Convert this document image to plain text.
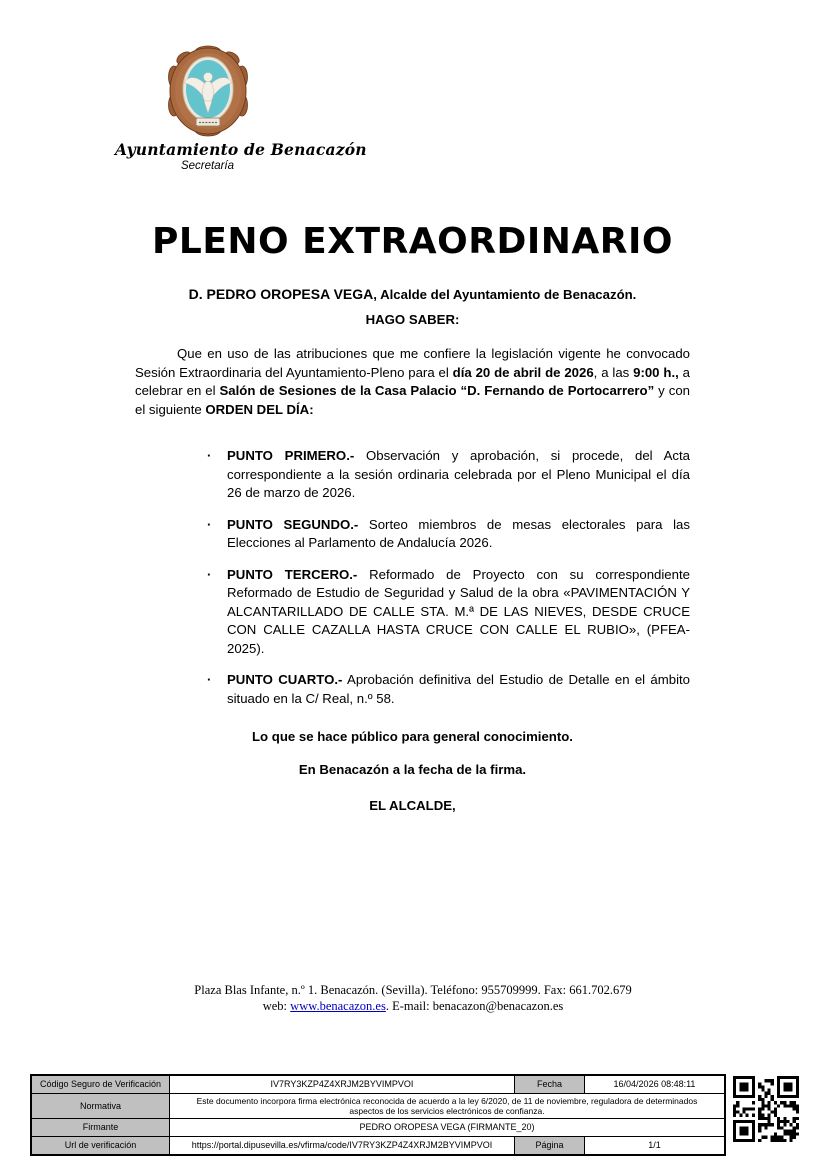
Ayuntamiento de Benacazón
Secretaría
PLENO EXTRAORDINARIO
D. PEDRO OROPESA VEGA, Alcalde del Ayuntamiento de Benacazón.
HAGO SABER:

Que en uso de las atribuciones que me confiere la legislación vigente he convocado Sesión Extraordinaria del Ayuntamiento-Pleno para el día 20 de abril de 2026, a las 9:00 h., a celebrar en el Salón de Sesiones de la Casa Palacio “D. Fernando de Portocarrero” y con el siguiente ORDEN DEL DÍA:

·	PUNTO PRIMERO.- Observación y aprobación, si procede, del Acta correspondiente a la sesión ordinaria celebrada por el Pleno Municipal el día 26 de marzo de 2026.
·	PUNTO SEGUNDO.- Sorteo miembros de mesas electorales para las Elecciones al Parlamento de Andalucía 2026.
·	PUNTO TERCERO.- Reformado de Proyecto con su correspondiente Reformado de Estudio de Seguridad y Salud de la obra «PAVIMENTACIÓN Y ALCANTARILLADO DE CALLE STA. M.ª DE LAS NIEVES, DESDE CRUCE CON CALLE CAZALLA HASTA CRUCE CON CALLE EL RUBIO», (PFEA-2025).
·	PUNTO CUARTO.- Aprobación definitiva del Estudio de Detalle en el ámbito situado en la C/ Real, n.º 58.
Lo que se hace público para general conocimiento.
En Benacazón a la fecha de la firma.
EL ALCALDE,
Plaza Blas Infante, n.º 1. Benacazón. (Sevilla). Teléfono: 955709999. Fax: 661.702.679
web: www.benacazon.es. E-mail: benacazon@benacazon.es
Código Seguro de Verificación	IV7RY3KZP4Z4XRJM2BYVIMPVOI	Fecha	16/04/2026 08:48:11
Normativa	Este documento incorpora firma electrónica reconocida de acuerdo a la ley 6/2020, de 11 de noviembre, reguladora de determinados aspectos de los servicios electrónicos de confianza.
Firmante	PEDRO OROPESA VEGA (FIRMANTE_20)
Url de verificación	https://portal.dipusevilla.es/vfirma/code/IV7RY3KZP4Z4XRJM2BYVIMPVOI	Página	1/1
